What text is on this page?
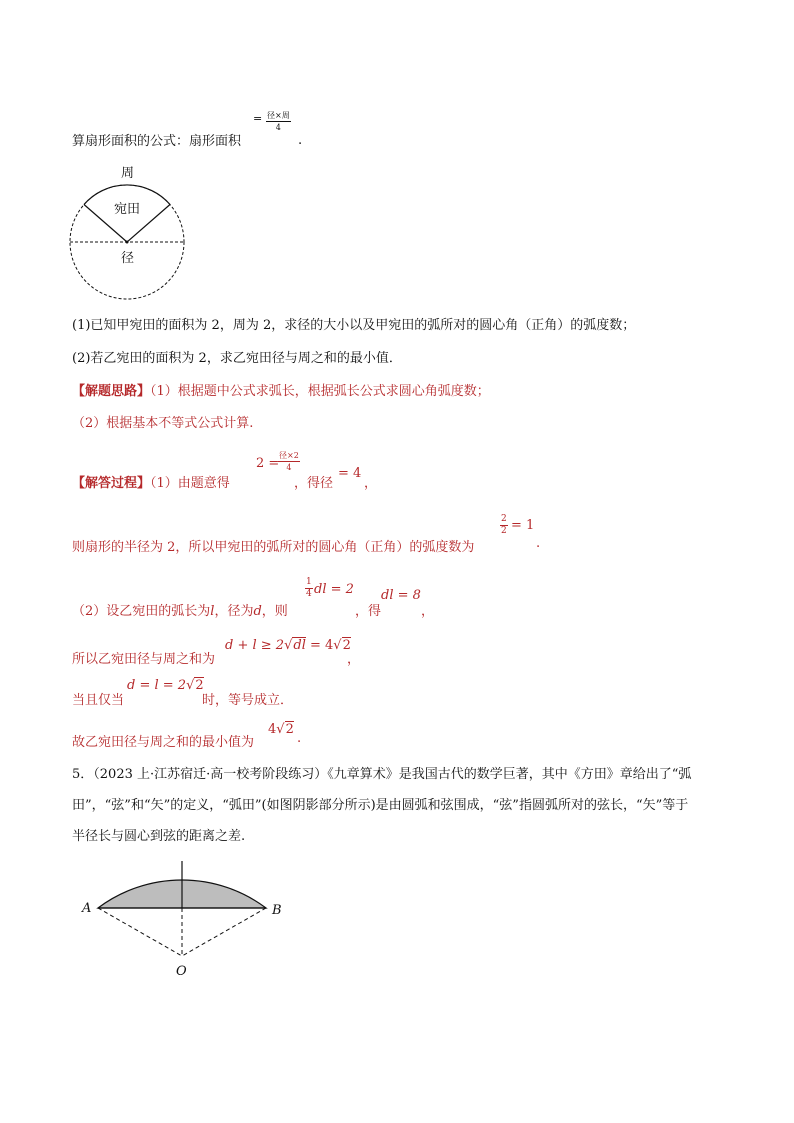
算扇形面积的公式：扇形面积
= 径×周
4
.
周
宛田
径
(1)已知甲宛田的面积为 2，周为 2，求径的大小以及甲宛田的弧所对的圆心角（正角）的弧度数；
(2)若乙宛田的面积为 2，求乙宛田径与周之和的最小值．
【解题思路】（1）根据题中公式求弧长，根据弧长公式求圆心角弧度数；
（2）根据基本不等式公式计算.
【解答过程】（1）由题意得
2 =
径×2
4
，得径
= 4
，
则扇形的半径为 2，所以甲宛田的弧所对的圆心角（正角）的弧度数为
$\frac{2}{2} = 1$
.
（2）设乙宛田的弧长为l，径为d，则
$\frac{1}{4}$ dl = 2
，得
dl = 8
，
所以乙宛田径与周之和为
d + l ≥ 2√dl = 4√2
，
当且仅当
d = l = 2√2
时，等号成立．
故乙宛田径与周之和的最小值为
4√2
.
5．（2023 上·江苏宿迁·高一校考阶段练习）《九章算术》是我国古代的数学巨著，其中《方田》章给出了“弧
田”，“弦”和“矢”的定义，“弧田”(如图阴影部分所示)是由圆弧和弦围成，“弦”指圆弧所对的弦长，“矢”等于
半径长与圆心到弦的距离之差.
A	B
O
